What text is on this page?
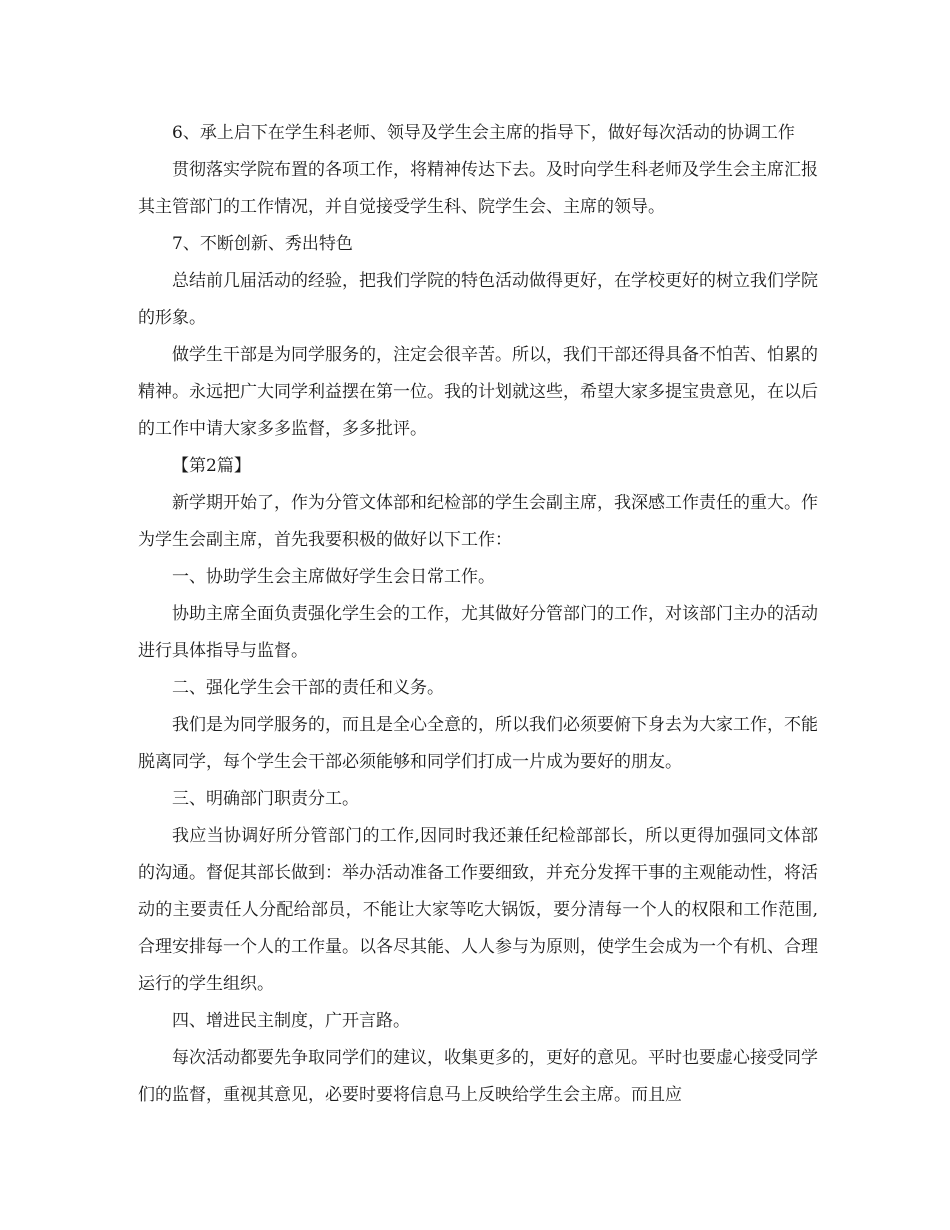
6、承上启下在学生科老师、领导及学生会主席的指导下，做好每次活动的协调工作

贯彻落实学院布置的各项工作，将精神传达下去。及时向学生科老师及学生会主席汇报其主管部门的工作情况，并自觉接受学生科、院学生会、主席的领导。

7、不断创新、秀出特色

总结前几届活动的经验，把我们学院的特色活动做得更好，在学校更好的树立我们学院的形象。

做学生干部是为同学服务的，注定会很辛苦。所以，我们干部还得具备不怕苦、怕累的精神。永远把广大同学利益摆在第一位。我的计划就这些，希望大家多提宝贵意见，在以后的工作中请大家多多监督，多多批评。

【第2篇】

新学期开始了，作为分管文体部和纪检部的学生会副主席，我深感工作责任的重大。作为学生会副主席，首先我要积极的做好以下工作：

一、协助学生会主席做好学生会日常工作。

协助主席全面负责强化学生会的工作，尤其做好分管部门的工作，对该部门主办的活动进行具体指导与监督。

二、强化学生会干部的责任和义务。

我们是为同学服务的，而且是全心全意的，所以我们必须要俯下身去为大家工作，不能脱离同学，每个学生会干部必须能够和同学们打成一片成为要好的朋友。

三、明确部门职责分工。

我应当协调好所分管部门的工作,因同时我还兼任纪检部部长，所以更得加强同文体部的沟通。督促其部长做到：举办活动准备工作要细致，并充分发挥干事的主观能动性，将活动的主要责任人分配给部员，不能让大家等吃大锅饭，要分清每一个人的权限和工作范围,合理安排每一个人的工作量。以各尽其能、人人参与为原则，使学生会成为一个有机、合理运行的学生组织。

四、增进民主制度，广开言路。

每次活动都要先争取同学们的建议，收集更多的，更好的意见。平时也要虚心接受同学们的监督，重视其意见，必要时要将信息马上反映给学生会主席。而且应
